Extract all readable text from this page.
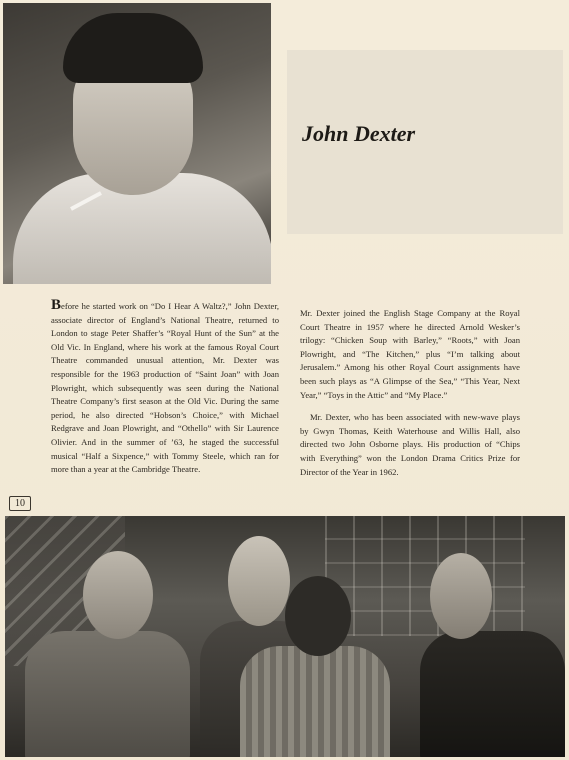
John Dexter

Before he started work on “Do I Hear A Waltz?,” John Dexter, associate director of England’s National Theatre, returned to London to stage Peter Shaffer’s “Royal Hunt of the Sun” at the Old Vic. In England, where his work at the famous Royal Court Theatre commanded unusual attention, Mr. Dexter was responsible for the 1963 production of “Saint Joan” with Joan Plowright, which subsequently was seen during the National Theatre Company’s first season at the Old Vic. During the same period, he also directed “Hobson’s Choice,” with Michael Redgrave and Joan Plowright, and “Othello” with Sir Laurence Olivier. And in the summer of ’63, he staged the successful musical “Half a Sixpence,” with Tommy Steele, which ran for more than a year at the Cambridge Theatre.

Mr. Dexter joined the English Stage Company at the Royal Court Theatre in 1957 where he directed Arnold Wesker’s trilogy: “Chicken Soup with Barley,” “Roots,” with Joan Plowright, and “The Kitchen,” plus “I’m talking about Jerusalem.” Among his other Royal Court assignments have been such plays as “A Glimpse of the Sea,” “This Year, Next Year,” “Toys in the Attic” and “My Place.”

Mr. Dexter, who has been associated with new-wave plays by Gwyn Thomas, Keith Waterhouse and Willis Hall, also directed two John Osborne plays. His production of “Chips with Everything” won the London Drama Critics Prize for Director of the Year in 1962.

10
